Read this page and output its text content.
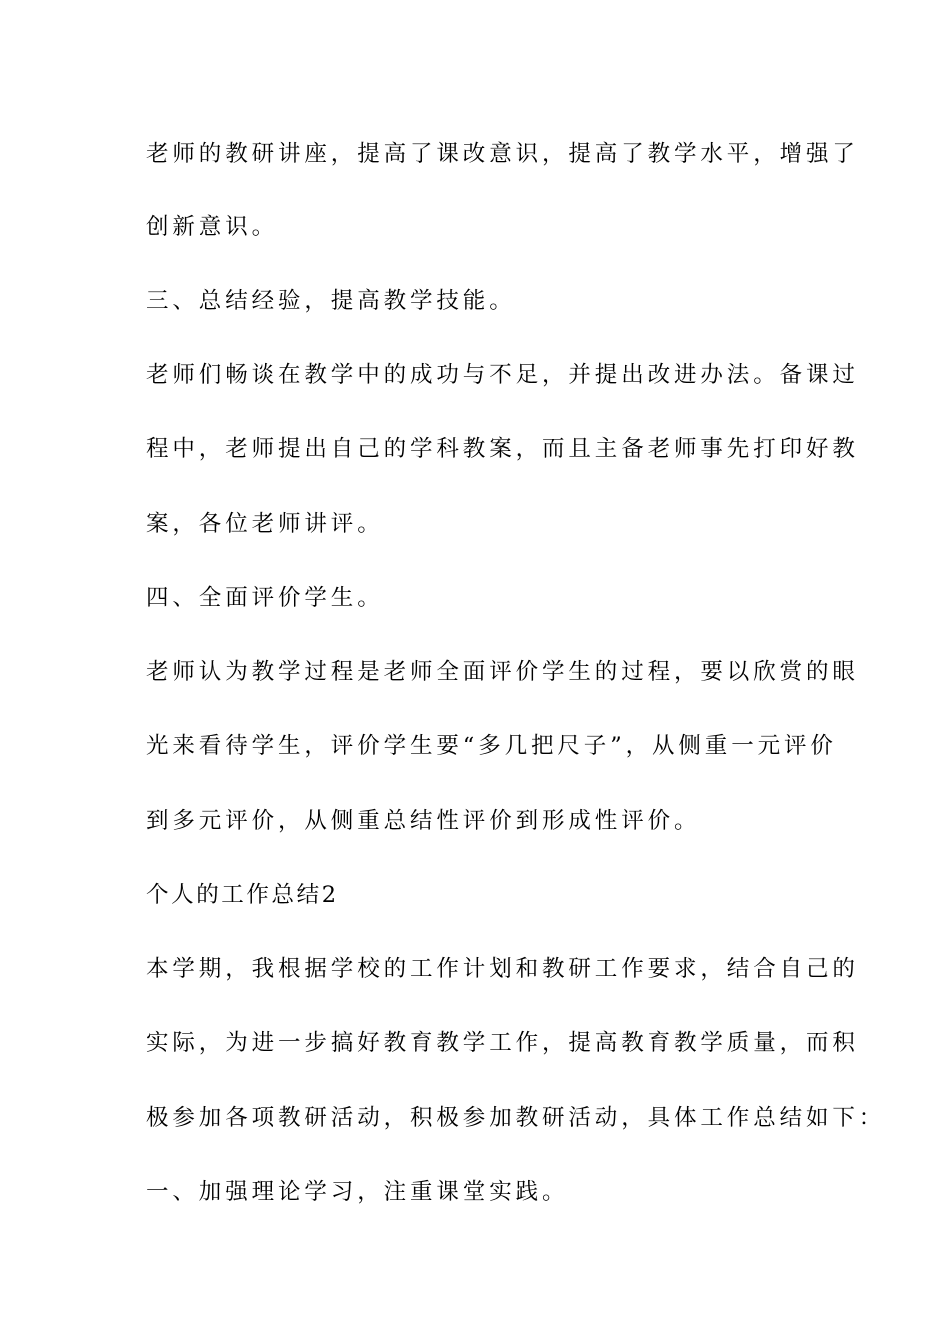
老师的教研讲座，提高了课改意识，提高了教学水平，增强了
创新意识。
三、总结经验，提高教学技能。
老师们畅谈在教学中的成功与不足，并提出改进办法。备课过
程中，老师提出自己的学科教案，而且主备老师事先打印好教
案，各位老师讲评。
四、全面评价学生。
老师认为教学过程是老师全面评价学生的过程，要以欣赏的眼
光来看待学生，评价学生要“多几把尺子”，从侧重一元评价
到多元评价，从侧重总结性评价到形成性评价。
个人的工作总结2
本学期，我根据学校的工作计划和教研工作要求，结合自己的
实际，为进一步搞好教育教学工作，提高教育教学质量，而积
极参加各项教研活动，积极参加教研活动，具体工作总结如下：
一、加强理论学习，注重课堂实践。
